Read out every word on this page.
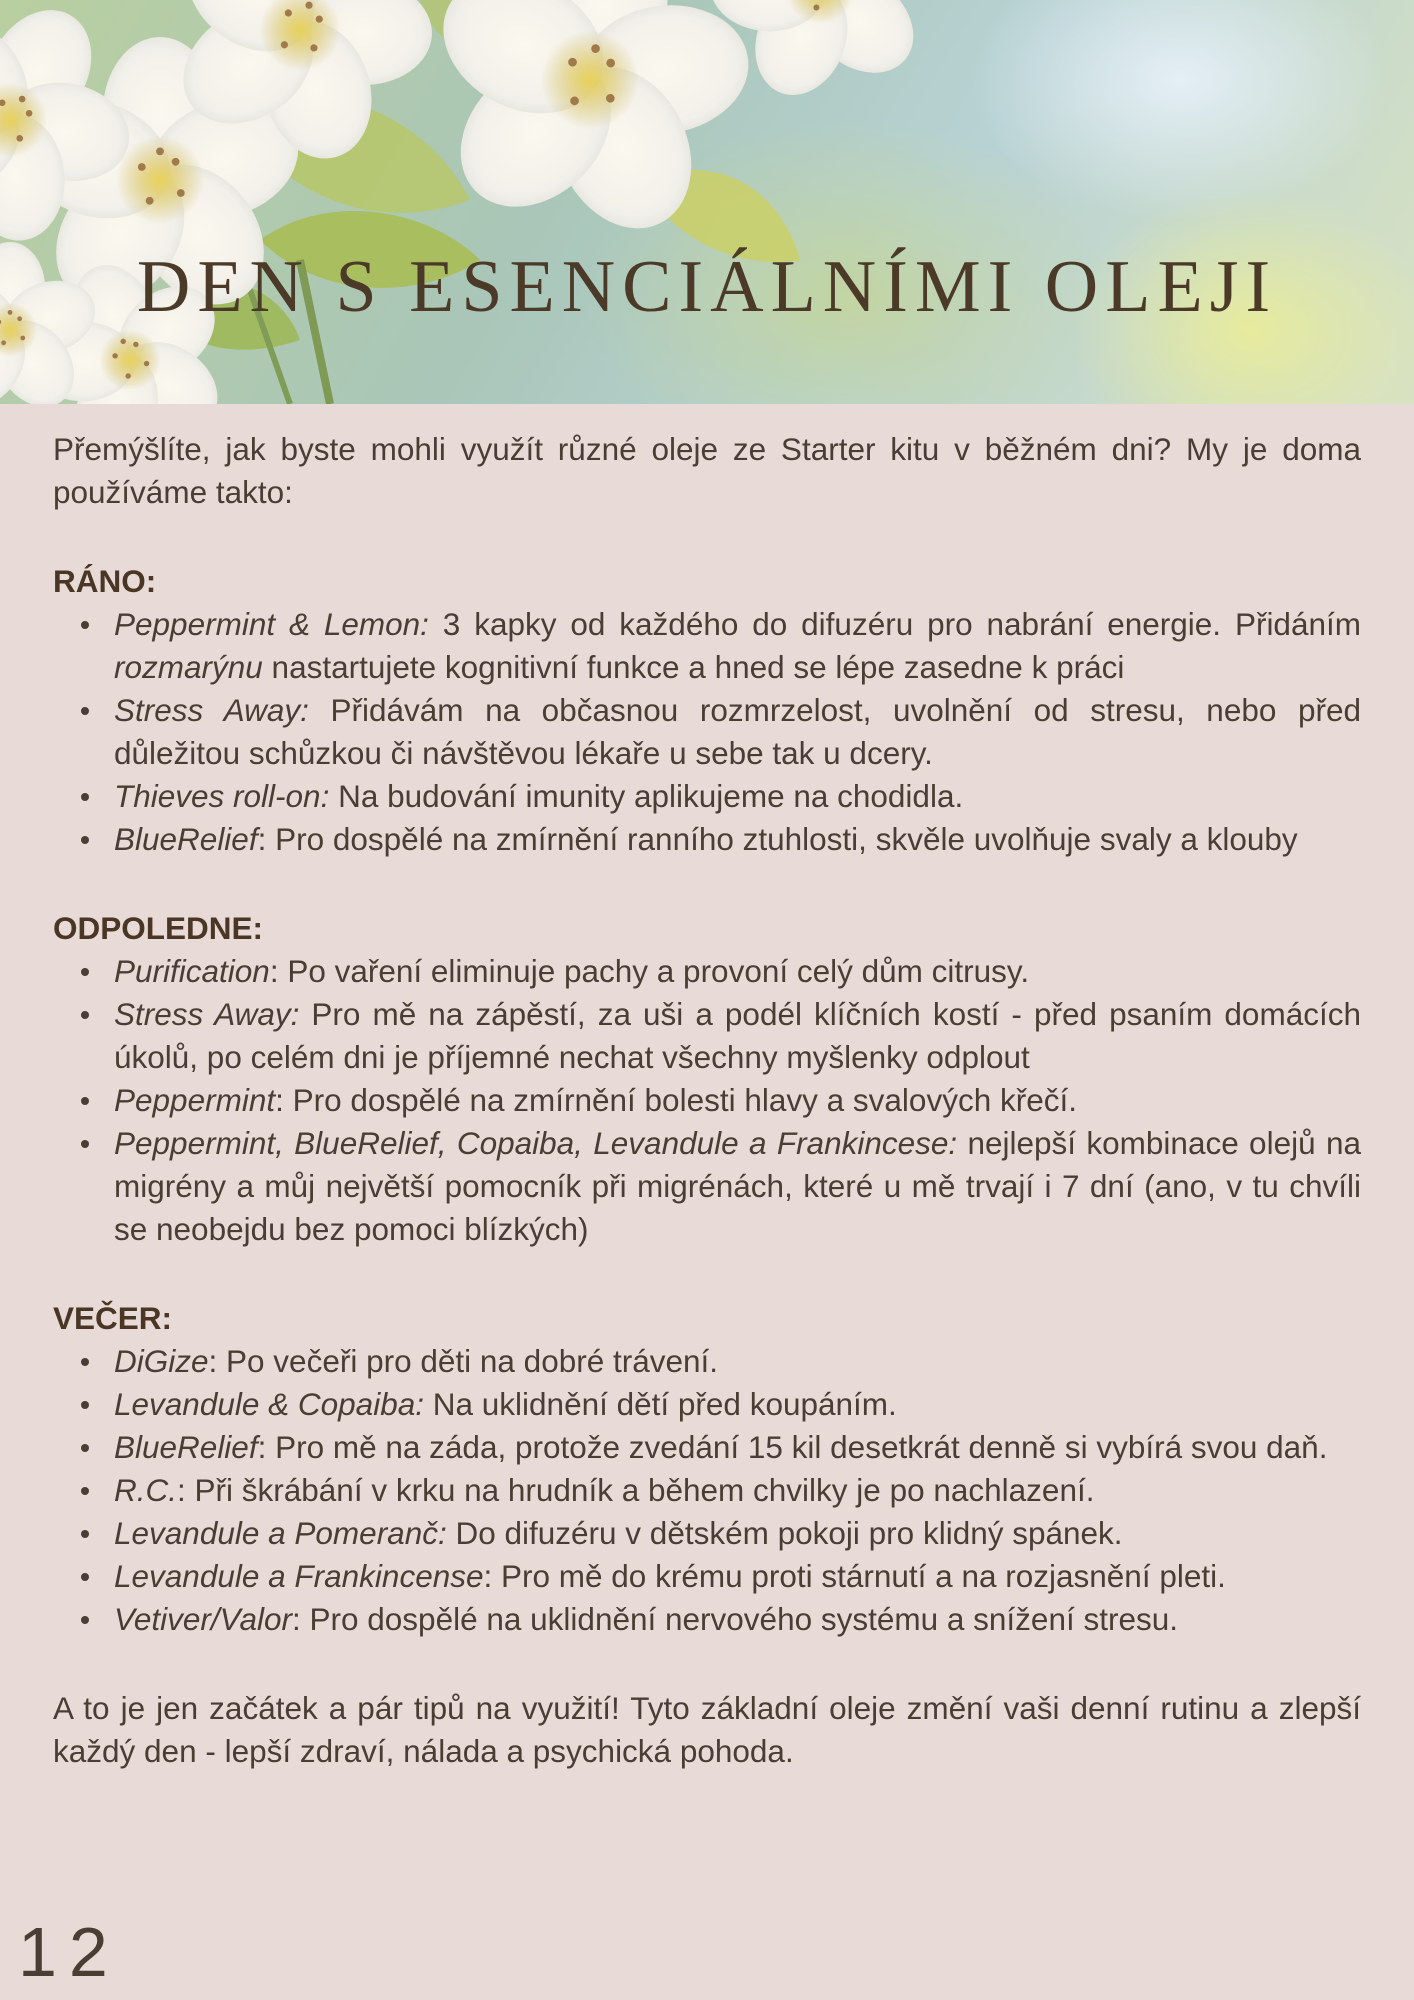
DEN S ESENCIÁLNÍMI OLEJI

Přemýšlíte, jak byste mohli využít různé oleje ze Starter kitu v běžném dni? My je doma používáme takto:

RÁNO:
Peppermint & Lemon: 3 kapky od každého do difuzéru pro nabrání energie. Přidáním rozmarýnu nastartujete kognitivní funkce a hned se lépe zasedne k práci
Stress Away: Přidávám na občasnou rozmrzelost, uvolnění od stresu, nebo před důležitou schůzkou či návštěvou lékaře u sebe tak u dcery.
Thieves roll-on: Na budování imunity aplikujeme na chodidla.
BlueRelief: Pro dospělé na zmírnění ranního ztuhlosti, skvěle uvolňuje svaly a klouby
ODPOLEDNE:
Purification: Po vaření eliminuje pachy a provoní celý dům citrusy.
Stress Away: Pro mě na zápěstí, za uši a podél klíčních kostí - před psaním domácích úkolů, po celém dni je příjemné nechat všechny myšlenky odplout
Peppermint: Pro dospělé na zmírnění bolesti hlavy a svalových křečí.
Peppermint, BlueRelief, Copaiba, Levandule a Frankincese: nejlepší kombinace olejů na migrény a můj největší pomocník při migrénách, které u mě trvají i 7 dní (ano, v tu chvíli se neobejdu bez pomoci blízkých)
VEČER:
DiGize: Po večeři pro děti na dobré trávení.
Levandule & Copaiba: Na uklidnění dětí před koupáním.
BlueRelief: Pro mě na záda, protože zvedání 15 kil desetkrát denně si vybírá svou daň.
R.C.: Při škrábání v krku na hrudník a během chvilky je po nachlazení.
Levandule a Pomeranč: Do difuzéru v dětském pokoji pro klidný spánek.
Levandule a Frankincense: Pro mě do krému proti stárnutí a na rozjasnění pleti.
Vetiver/Valor: Pro dospělé na uklidnění nervového systému a snížení stresu.

A to je jen začátek a pár tipů na využití! Tyto základní oleje změní vaši denní rutinu a zlepší každý den - lepší zdraví, nálada a psychická pohoda.

12
